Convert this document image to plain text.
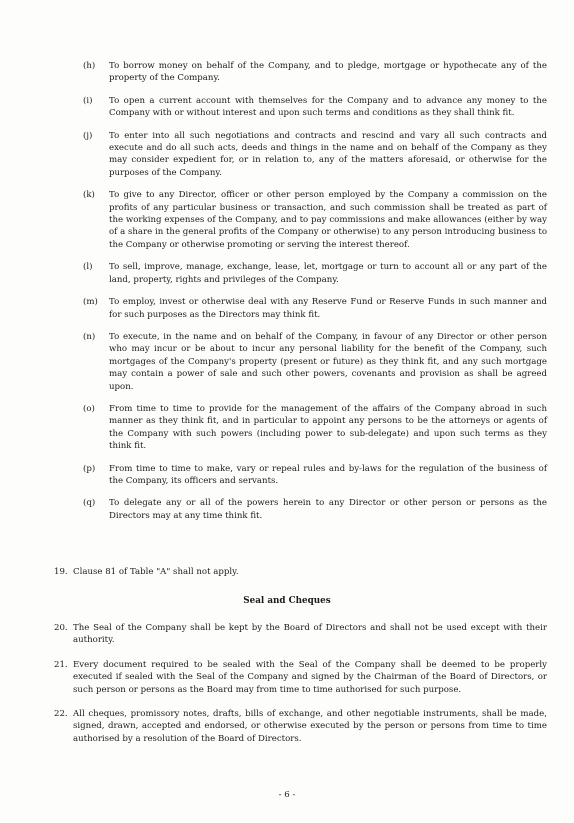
(h)	To borrow money on behalf of the Company, and to pledge, mortgage or hypothecate any of the property of the Company.
(i)	To open a current account with themselves for the Company and to advance any money to the Company with or without interest and upon such terms and conditions as they shall think fit.
(j)	To enter into all such negotiations and contracts and rescind and vary all such contracts and execute and do all such acts, deeds and things in the name and on behalf of the Company as they may consider expedient for, or in relation to, any of the matters aforesaid, or otherwise for the purposes of the Company.
(k)	To give to any Director, officer or other person employed by the Company a commission on the profits of any particular business or transaction, and such commission shall be treated as part of the working expenses of the Company, and to pay commissions and make allowances (either by way of a share in the general profits of the Company or otherwise) to any person introducing business to the Company or otherwise promoting or serving the interest thereof.
(l)	To sell, improve, manage, exchange, lease, let, mortgage or turn to account all or any part of the land, property, rights and privileges of the Company.
(m)	To employ, invest or otherwise deal with any Reserve Fund or Reserve Funds in such manner and for such purposes as the Directors may think fit.
(n)	To execute, in the name and on behalf of the Company, in favour of any Director or other person who may incur or be about to incur any personal liability for the benefit of the Company, such mortgages of the Company's property (present or future) as they think fit, and any such mortgage may contain a power of sale and such other powers, covenants and provision as shall be agreed upon.
(o)	From time to time to provide for the management of the affairs of the Company abroad in such manner as they think fit, and in particular to appoint any persons to be the attorneys or agents of the Company with such powers (including power to sub-delegate) and upon such terms as they think fit.
(p)	From time to time to make, vary or repeal rules and by-laws for the regulation of the business of the Company, its officers and servants.
(q)	To delegate any or all of the powers herein to any Director or other person or persons as the Directors may at any time think fit.
19. Clause 81 of Table "A" shall not apply.
Seal and Cheques
20. The Seal of the Company shall be kept by the Board of Directors and shall not be used except with their authority.
21. Every document required to be sealed with the Seal of the Company shall be deemed to be properly executed if sealed with the Seal of the Company and signed by the Chairman of the Board of Directors, or such person or persons as the Board may from time to time authorised for such purpose.
22. All cheques, promissory notes, drafts, bills of exchange, and other negotiable instruments, shall be made, signed, drawn, accepted and endorsed, or otherwise executed by the person or persons from time to time authorised by a resolution of the Board of Directors.
- 6 -
